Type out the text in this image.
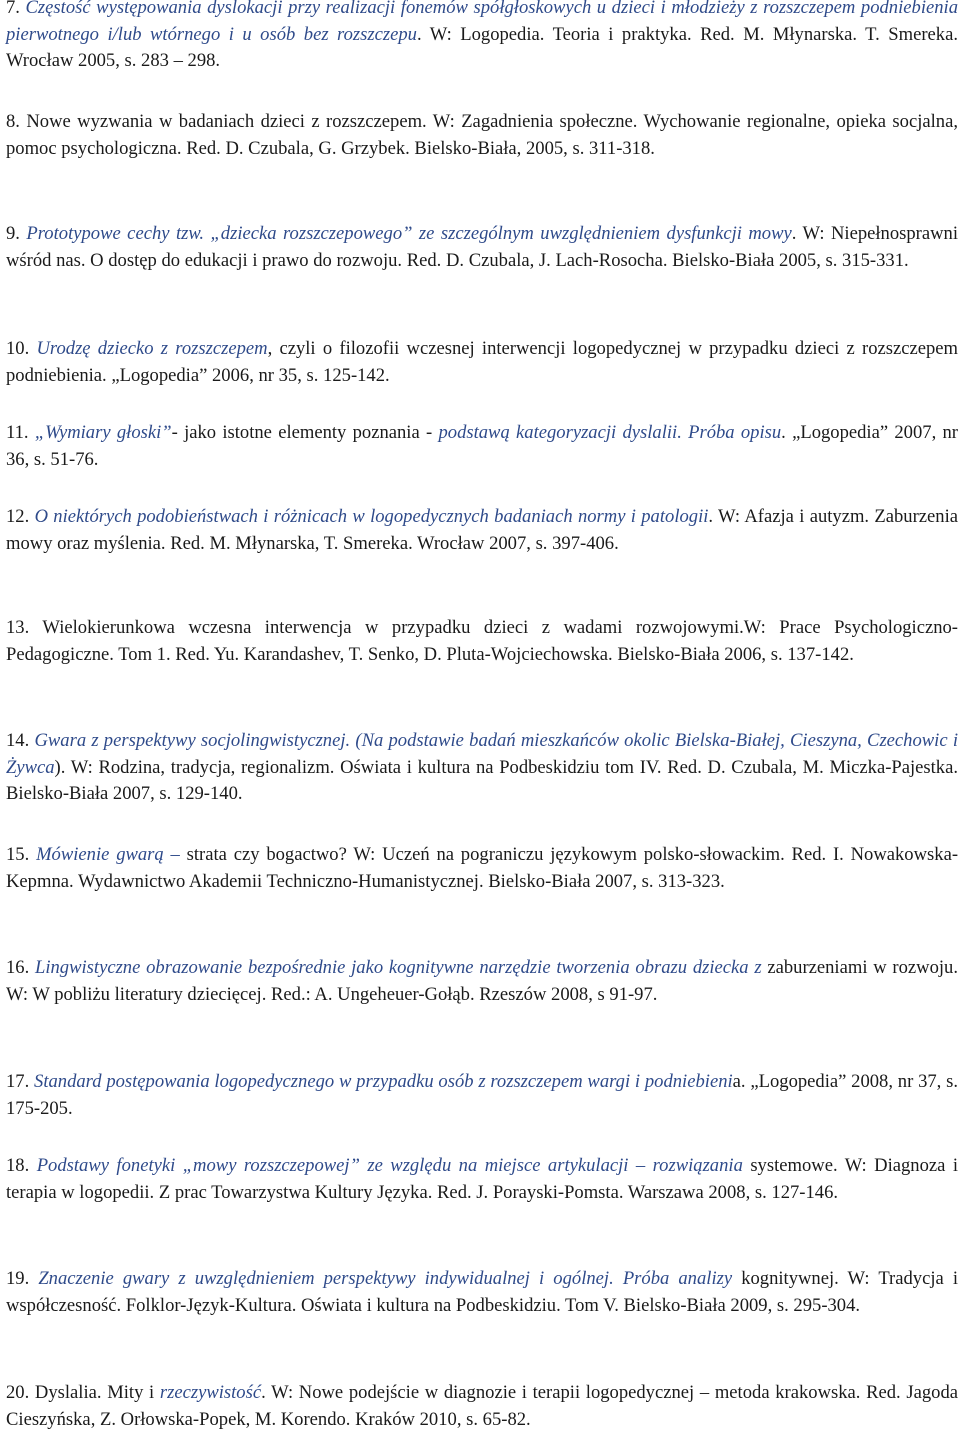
7. Częstość występowania dyslokacji przy realizacji fonemów spółgłoskowych u dzieci i młodzieży z rozszczepem podniebienia pierwotnego i/lub wtórnego i u osób bez rozszczepu. W: Logopedia. Teoria i praktyka. Red. M. Młynarska. T. Smereka. Wrocław 2005, s. 283 – 298.

8. Nowe wyzwania w badaniach dzieci z rozszczepem. W: Zagadnienia społeczne. Wychowanie regionalne, opieka socjalna, pomoc psychologiczna. Red. D. Czubala, G. Grzybek. Bielsko-Biała, 2005, s. 311-318.

9. Prototypowe cechy tzw. „dziecka rozszczepowego” ze szczególnym uwzględnieniem dysfunkcji mowy. W: Niepełnosprawni wśród nas. O dostęp do edukacji i prawo do rozwoju. Red. D. Czubala, J. Lach-Rosocha. Bielsko-Biała 2005, s. 315-331.

10. Urodzę dziecko z rozszczepem, czyli o filozofii wczesnej interwencji logopedycznej w przypadku dzieci z rozszczepem podniebienia. „Logopedia” 2006, nr 35, s. 125-142.

11. „Wymiary głoski”- jako istotne elementy poznania - podstawą kategoryzacji dyslalii. Próba opisu. „Logopedia” 2007, nr 36, s. 51-76.

12. O niektórych podobieństwach i różnicach w logopedycznych badaniach normy i patologii. W: Afazja i autyzm. Zaburzenia mowy oraz myślenia. Red. M. Młynarska, T. Smereka. Wrocław 2007, s. 397-406.

13. Wielokierunkowa wczesna interwencja w przypadku dzieci z wadami rozwojowymi.W: Prace Psychologiczno-Pedagogiczne. Tom 1. Red. Yu. Karandashev, T. Senko, D. Pluta-Wojciechowska. Bielsko-Biała 2006, s. 137-142.

14. Gwara z perspektywy socjolingwistycznej. (Na podstawie badań mieszkańców okolic Bielska-Białej, Cieszyna, Czechowic i Żywca). W: Rodzina, tradycja, regionalizm. Oświata i kultura na Podbeskidziu tom IV. Red. D. Czubala, M. Miczka-Pajestka. Bielsko-Biała 2007, s. 129-140.

15. Mówienie gwarą – strata czy bogactwo? W: Uczeń na pograniczu językowym polsko-słowackim. Red. I. Nowakowska-Kepmna. Wydawnictwo Akademii Techniczno-Humanistycznej. Bielsko-Biała 2007, s. 313-323.

16. Lingwistyczne obrazowanie bezpośrednie jako kognitywne narzędzie tworzenia obrazu dziecka z zaburzeniami w rozwoju. W: W pobliżu literatury dziecięcej. Red.: A. Ungeheuer-Gołąb. Rzeszów 2008, s 91-97.

17. Standard postępowania logopedycznego w przypadku osób z rozszczepem wargi i podniebienia. „Logopedia” 2008, nr 37, s. 175-205.

18. Podstawy fonetyki „mowy rozszczepowej” ze względu na miejsce artykulacji – rozwiązania systemowe. W: Diagnoza i terapia w logopedii. Z prac Towarzystwa Kultury Języka. Red. J. Porayski-Pomsta. Warszawa 2008, s. 127-146.

19. Znaczenie gwary z uwzględnieniem perspektywy indywidualnej i ogólnej. Próba analizy kognitywnej. W: Tradycja i współczesność. Folklor-Język-Kultura. Oświata i kultura na Podbeskidziu. Tom V. Bielsko-Biała 2009, s. 295-304.

20. Dyslalia. Mity i rzeczywistość. W: Nowe podejście w diagnozie i terapii logopedycznej – metoda krakowska. Red. Jagoda Cieszyńska, Z. Orłowska-Popek, M. Korendo. Kraków 2010, s. 65-82.
